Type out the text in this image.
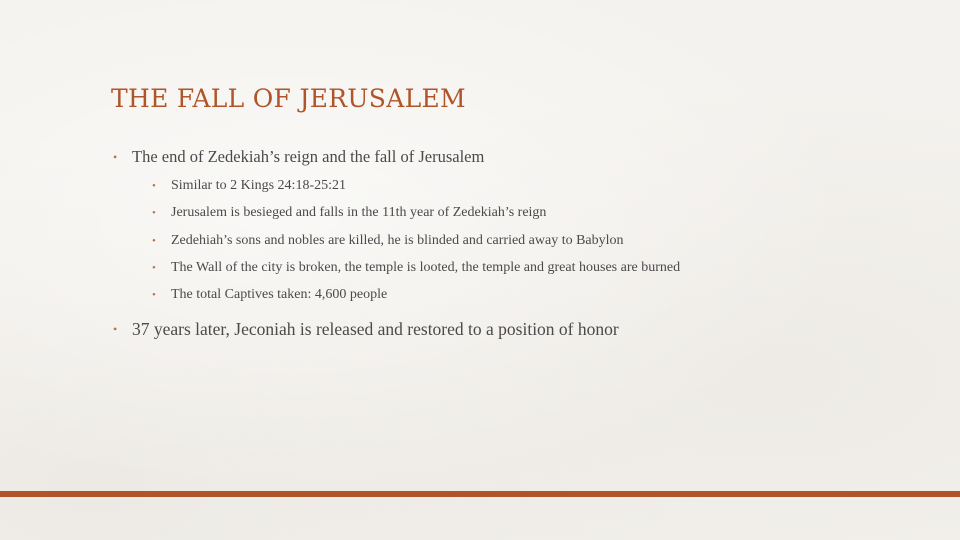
THE FALL OF JERUSALEM
• The end of Zedekiah’s reign and the fall of Jerusalem
• Similar to 2 Kings 24:18-25:21
• Jerusalem is besieged and falls in the 11th year of Zedekiah’s reign
• Zedehiah’s sons and nobles are killed, he is blinded and carried away to Babylon
• The Wall of the city is broken, the temple is looted, the temple and great houses are burned
• The total Captives taken: 4,600 people
• 37 years later, Jeconiah is released and restored to a position of honor
